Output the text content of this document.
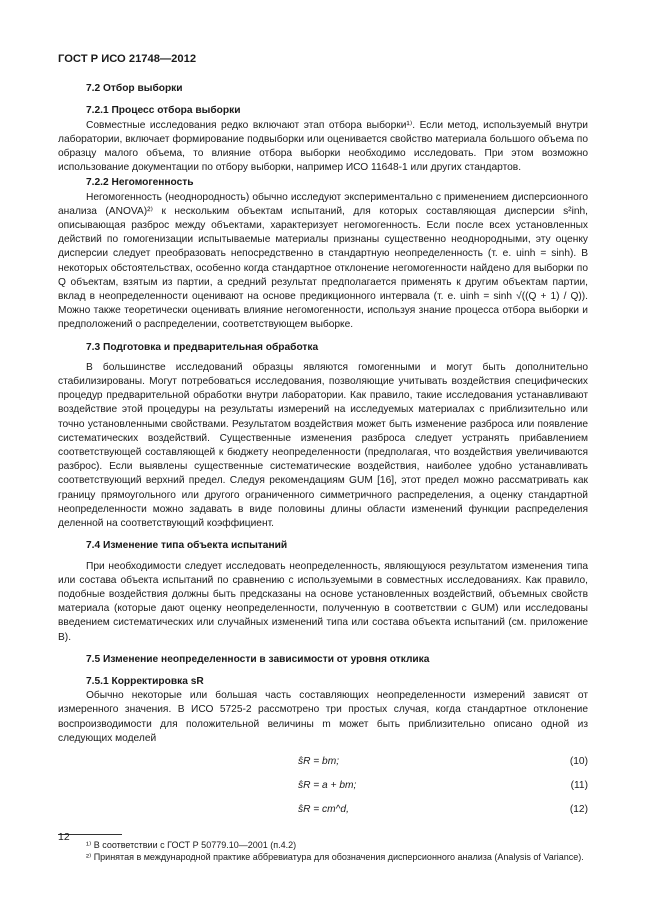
ГОСТ Р ИСО 21748—2012
7.2 Отбор выборки
7.2.1 Процесс отбора выборки

Совместные исследования редко включают этап отбора выборки¹⁾. Если метод, используемый внутри лаборатории, включает формирование подвыборки или оценивается свойство материала большого объема по образцу малого объема, то влияние отбора выборки необходимо исследовать. При этом возможно использование документации по отбору выборки, например ИСО 11648-1 или других стандартов.

7.2.2 Негомогенность

Негомогенность (неоднородность) обычно исследуют экспериментально с применением дисперсионного анализа (ANOVA)²⁾ к нескольким объектам испытаний, для которых составляющая дисперсии s²inh, описывающая разброс между объектами, характеризует негомогенность. Если после всех установленных действий по гомогенизации испытываемые материалы признаны существенно неоднородными, эту оценку дисперсии следует преобразовать непосредственно в стандартную неопределенность (т. е. uinh = sinh). В некоторых обстоятельствах, особенно когда стандартное отклонение негомогенности найдено для выборки по Q объектам, взятым из партии, а средний результат предполагается применять к другим объектам партии, вклад в неопределенности оценивают на основе предикционного интервала (т. е. uinh = sinh √((Q + 1) / Q)). Можно также теоретически оценивать влияние негомогенности, используя знание процесса отбора выборки и предположений о распределении, соответствующем выборке.

7.3 Подготовка и предварительная обработка

В большинстве исследований образцы являются гомогенными и могут быть дополнительно стабилизированы. Могут потребоваться исследования, позволяющие учитывать воздействия специфических процедур предварительной обработки внутри лаборатории. Как правило, такие исследования устанавливают воздействие этой процедуры на результаты измерений на исследуемых материалах с приблизительно или точно установленными свойствами. Результатом воздействия может быть изменение разброса или появление систематических воздействий. Существенные изменения разброса следует устранять прибавлением соответствующей составляющей к бюджету неопределенности (предполагая, что воздействия увеличиваются разброс). Если выявлены существенные систематические воздействия, наиболее удобно устанавливать соответствующий верхний предел. Следуя рекомендациям GUM [16], этот предел можно рассматривать как границу прямоугольного или другого ограниченного симметричного распределения, а оценку стандартной неопределенности можно задавать в виде половины длины области изменений функции распределения деленной на соответствующий коэффициент.

7.4 Изменение типа объекта испытаний

При необходимости следует исследовать неопределенность, являющуюся результатом изменения типа или состава объекта испытаний по сравнению с используемыми в совместных исследованиях. Как правило, подобные воздействия должны быть предсказаны на основе установленных воздействий, объемных свойств материала (которые дают оценку неопределенности, полученную в соответствии с GUM) или исследованы введением систематических или случайных изменений типа или состава объекта испытаний (см. приложение B).

7.5 Изменение неопределенности в зависимости от уровня отклика
7.5.1 Корректировка sR

Обычно некоторые или большая часть составляющих неопределенности измерений зависят от измеренного значения. В ИСО 5725-2 рассмотрено три простых случая, когда стандартное отклонение воспроизводимости для положительной величины m может быть приблизительно описано одной из следующих моделей

ŝR = bm;	(10)
ŝR = a + bm;	(11)
ŝR = cm^d,	(12)

¹⁾ В соответствии с ГОСТ Р 50779.10—2001 (п.4.2)

²⁾ Принятая в международной практике аббревиатура для обозначения дисперсионного анализа (Analysis of Variance).

12
